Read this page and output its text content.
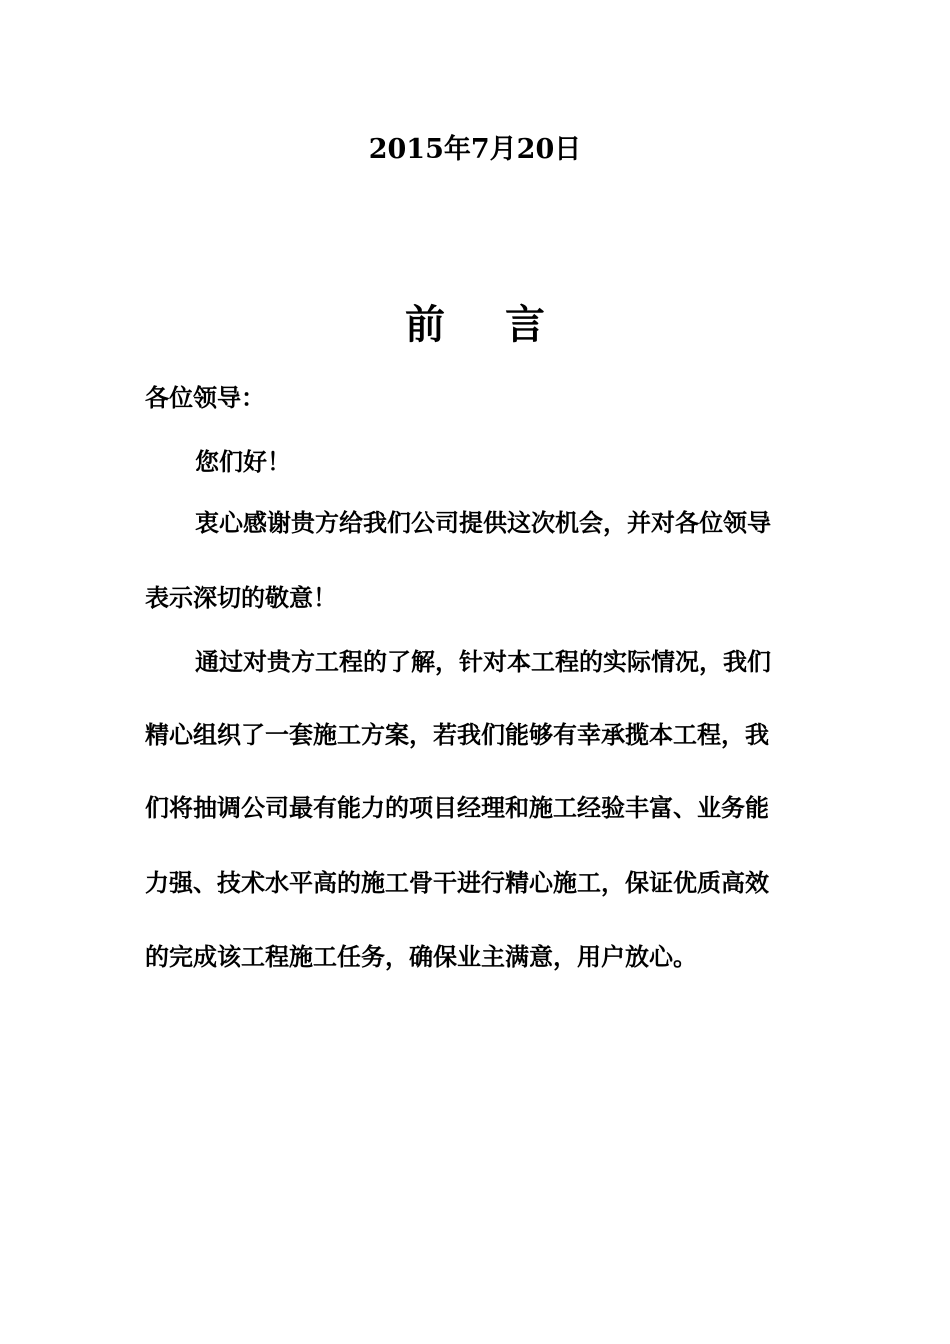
2015年7月20日
前言
各位领导：
您们好！
衷心感谢贵方给我们公司提供这次机会，并对各位领导
表示深切的敬意！
通过对贵方工程的了解，针对本工程的实际情况，我们
精心组织了一套施工方案，若我们能够有幸承揽本工程，我
们将抽调公司最有能力的项目经理和施工经验丰富、业务能
力强、技术水平高的施工骨干进行精心施工，保证优质高效
的完成该工程施工任务，确保业主满意，用户放心。
